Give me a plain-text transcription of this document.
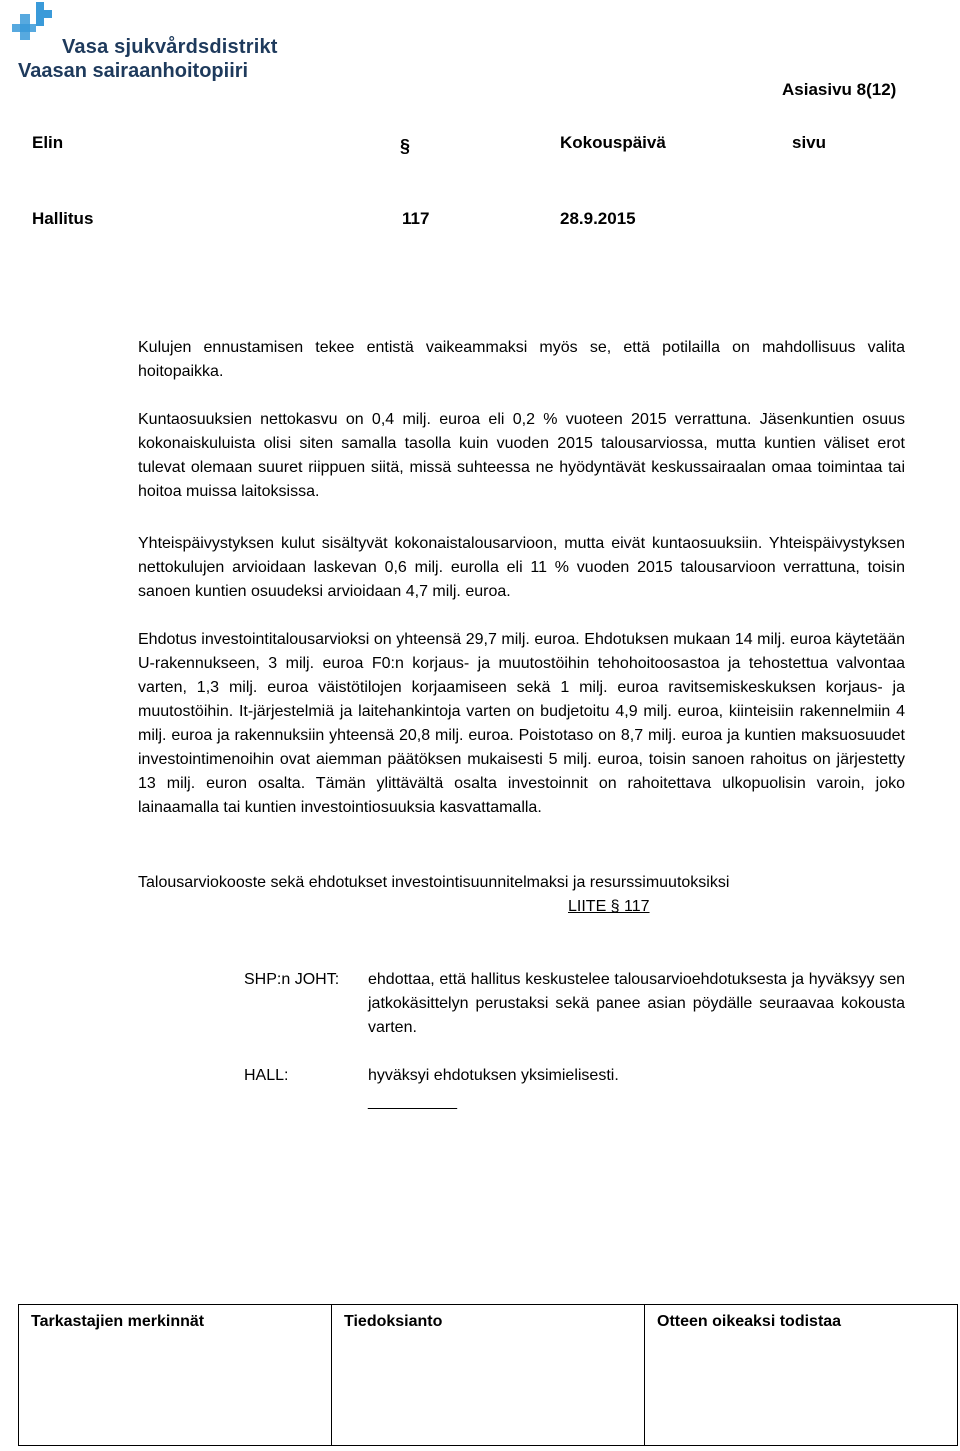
Vasa sjukvårdsdistrikt
Vaasan sairaanhoitopiiri
Asiasivu 8(12)
Elin	§	Kokouspäivä	sivu
Hallitus	117	28.9.2015

Kulujen ennustamisen tekee entistä vaikeammaksi myös se, että potilailla on mahdollisuus valita hoitopaikka.

Kuntaosuuksien nettokasvu on 0,4 milj. euroa eli 0,2 % vuoteen 2015 verrattuna. Jäsenkuntien osuus kokonaiskuluista olisi siten samalla tasolla kuin vuoden 2015 talousarviossa, mutta kuntien väliset erot tulevat olemaan suuret riippuen siitä, missä suhteessa ne hyödyntävät keskussairaalan omaa toimintaa tai hoitoa muissa laitoksissa.

Yhteispäivystyksen kulut sisältyvät kokonaistalousarvioon, mutta eivät kuntaosuuksiin. Yhteispäivystyksen nettokulujen arvioidaan laskevan 0,6 milj. eurolla eli 11 % vuoden 2015 talousarvioon verrattuna, toisin sanoen kuntien osuudeksi arvioidaan 4,7 milj. euroa.

Ehdotus investointitalousarvioksi on yhteensä 29,7 milj. euroa. Ehdotuksen mukaan 14 milj. euroa käytetään U-rakennukseen, 3 milj. euroa F0:n korjaus- ja muutostöihin tehohoitoosastoa ja tehostettua valvontaa varten, 1,3 milj. euroa väistötilojen korjaamiseen sekä 1 milj. euroa ravitsemiskeskuksen korjaus- ja muutostöihin. It-järjestelmiä ja laitehankintoja varten on budjetoitu 4,9 milj. euroa, kiinteisiin rakennelmiin 4 milj. euroa ja rakennuksiin yhteensä 20,8 milj. euroa. Poistotaso on 8,7 milj. euroa ja kuntien maksuosuudet investointimenoihin ovat aiemman päätöksen mukaisesti 5 milj. euroa, toisin sanoen rahoitus on järjestetty 13 milj. euron osalta. Tämän ylittävältä osalta investoinnit on rahoitettava ulkopuolisin varoin, joko lainaamalla tai kuntien investointiosuuksia kasvattamalla.

Talousarviokooste sekä ehdotukset investointisuunnitelmaksi ja resurssimuutoksiksi
LIITE § 117
SHP:n JOHT: ehdottaa, että hallitus keskustelee talousarvioehdotuksesta ja hyväksyy sen jatkokäsittelyn perustaksi sekä panee asian pöydälle seuraavaa kokousta varten.
HALL:	hyväksyi ehdotuksen yksimielisesti.
__________
Tarkastajien merkinnät	Tiedoksianto	Otteen oikeaksi todistaa
